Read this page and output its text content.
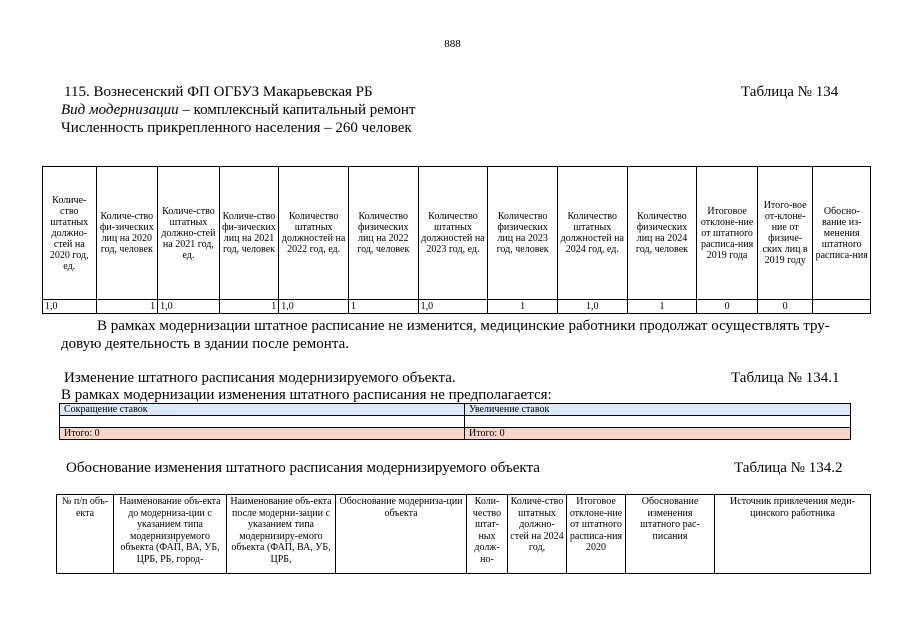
888
115. Вознесенский ФП ОГБУЗ Макарьевская РБ	Таблица № 134
Вид модернизации – комплексный капитальный ремонт
Численность прикрепленного населения – 260 человек
Количе-ство штатных должно-стей на 2020 год, ед.	Количе-ство фи-зических лиц на 2020 год, человек	Количе-ство штатных должно-стей на 2021 год, ед.	Количе-ство фи-зических лиц на 2021 год, человек	Количество штатных должностей на 2022 год, ед.	Количество физических лиц на 2022 год, человек	Количество штатных должностей на 2023 год, ед.	Количество физических лиц на 2023 год, человек	Количество штатных должностей на 2024 год, ед.	Количество физических лиц на 2024 год, человек	Итоговое отклоне-ние от штатного расписа-ния 2019 года	Итого-вое от-клоне-ние от физиче-ских лиц в 2019 году	Обосно-вание из-менения штатного расписа-ния
1,0	1	1,0	1	1,0	1	1,0	1	1,0	1	0	0	
В рамках модернизации штатное расписание не изменится, медицинские работники продолжат осуществлять тру-
довую деятельность в здании после ремонта.
Изменение штатного расписания модернизируемого объекта.	Таблица № 134.1
В рамках модернизации изменения штатного расписания не предполагается:
Сокращение ставок	Увеличение ставок

Итого: 0	Итого: 0
Обоснование изменения штатного расписания модернизируемого объекта	Таблица № 134.2
№ п/п объ-екта	Наименование объ-екта до модерниза-ции с указанием типа модернизируемого объекта (ФАП, ВА, УБ, ЦРБ, РБ, город-	Наименование объ-екта после модерни-зации с указанием типа модернизиру-емого объекта (ФАП, ВА, УБ, ЦРБ,	Обоснование модерниза-ции объекта	Коли-чество штат-ных долж-но-	Количе-ство штатных должно-стей на 2024 год,	Итоговое отклоне-ние от штатного расписа-ния 2020	Обоснование изменения штатного рас-писания	Источник привлечения меди-цинского работника
